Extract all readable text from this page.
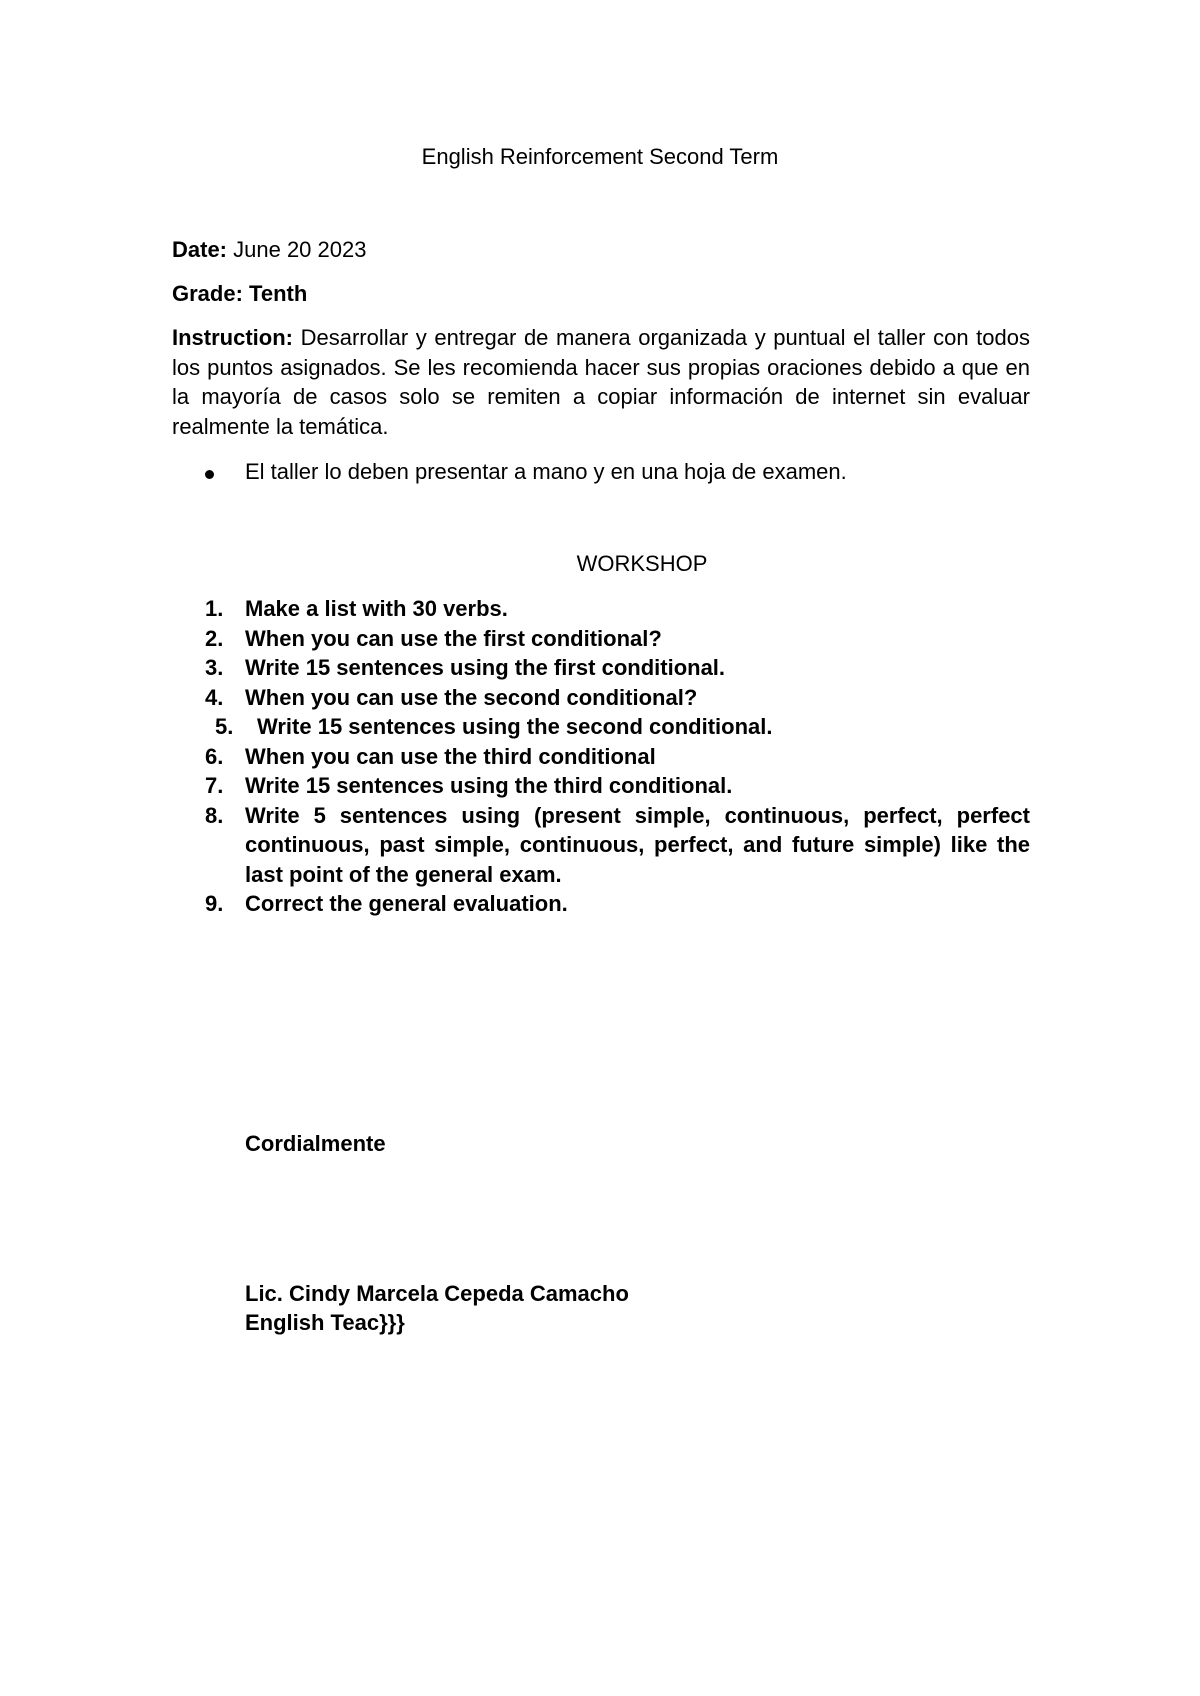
English Reinforcement Second Term
Date: June 20 2023
Grade: Tenth
Instruction: Desarrollar y entregar de manera organizada y puntual el taller con todos los puntos asignados. Se les recomienda hacer sus propias oraciones debido a que en la mayoría de casos solo se remiten a copiar información de internet sin evaluar realmente la temática.
El taller lo deben presentar a mano y en una hoja de examen.
WORKSHOP
1. Make a list with 30 verbs.
2. When you can use the first conditional?
3. Write 15 sentences using the first conditional.
4. When you can use the second conditional?
5.	Write 15 sentences using the second conditional.
6. When you can use the third conditional
7. Write 15 sentences using the third conditional.
8. Write 5 sentences using (present simple, continuous, perfect, perfect continuous, past simple, continuous, perfect, and future simple) like the last point of the general exam.
9. Correct the general evaluation.
Cordialmente
Lic. Cindy Marcela Cepeda Camacho
English Teac}}}
